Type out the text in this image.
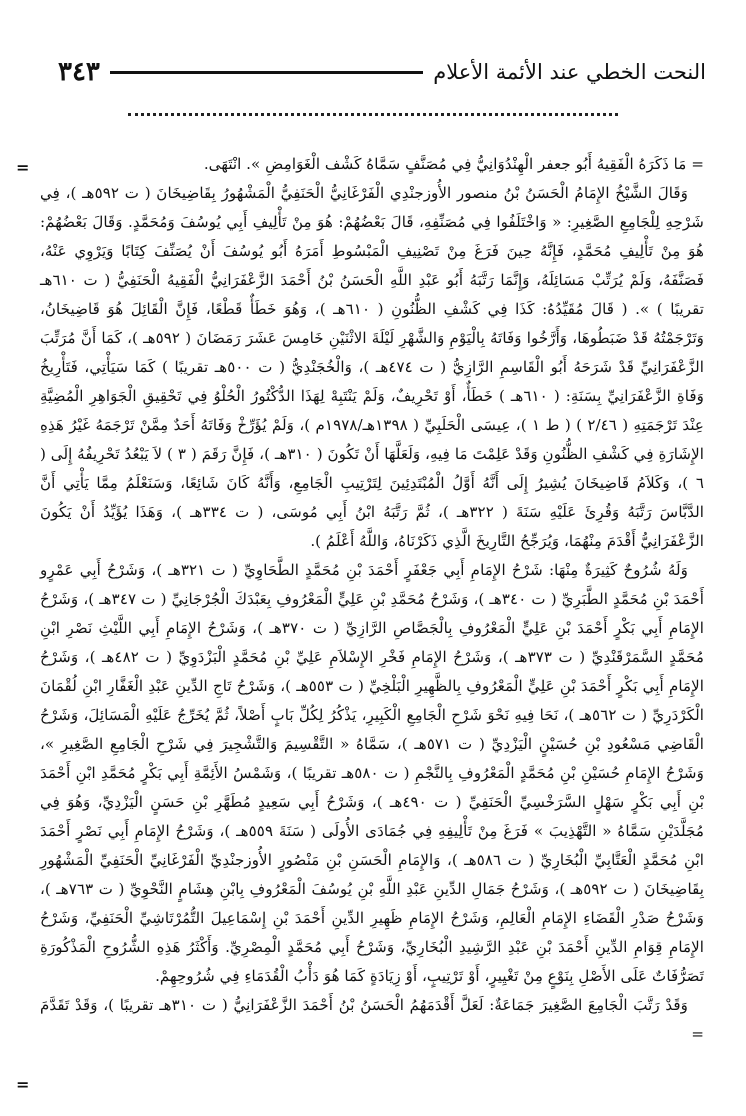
٣٤٣	النحت الخطي عند الأئمة الأعلام
=	= مَا ذَكَرَهُ الْفَقِيهُ أَبُو جعفر الْهِنْدُوَانِيُّ فِي مُصَنَّفٍ سَمَّاهُ كَشْف الْغَوَامِضِ ». انْتَهَى.

وَقَالَ الشَّيْخُ الإِمَامُ الْحَسَنُ بْنُ منصور الأُوزجنْدِي الْفَرْغَانِيُّ الْحَنَفِيُّ الْمَشْهُورُ بِقَاضِيخَانَ ( ت ٥٩٢هـ )، فِي شَرْحِهِ لِلْجَامِعِ الصَّغِيرِ: « وَاخْتَلَفُوا فِي مُصَنِّفِهِ، قَالَ بَعْضُهُمْ: هُوَ مِنْ تَأْلِيفِ أَبِي يُوسُفَ وَمُحَمَّدٍ. وَقَالَ بَعْضُهُمْ: هُوَ مِنْ تَأْلِيفِ مُحَمَّدٍ، فَإِنَّهُ حِينَ فَرَغَ مِنْ تَصْنِيفِ الْمَبْسُوطِ أَمَرَهُ أَبُو يُوسُفَ أَنْ يُصَنِّفَ كِتَابًا وَيَرْوِي عَنْهُ، فَصَنَّفَهُ، وَلَمْ يُرَتِّبْ مَسَائِلَهُ، وَإِنَّمَا رَتَّبَهُ أَبُو عَبْدِ اللَّهِ الْحَسَنُ بْنُ أَحْمَدَ الزَّعْفَرَانِيُّ الْفَقِيهُ الْحَنَفِيُّ ( ت ٦١٠هـ تقريبًا ) ». ( قَالَ مُقَيِّدُهُ: كَذَا فِي كَشْفِ الظُّنُونِ ( ٦١٠هـ )، وَهُوَ خَطَأٌ قَطْعًا، فَإِنَّ الْقَائِلَ هُوَ قَاضِيخَانُ، وَتَرْجَمْتُهُ قَدْ ضَبَطُوهَا، وَأَرَّخُوا وَفَاتَهُ بِالْيَوْمِ وَالشَّهْرِ لَيْلَةَ الاثْنَيْنِ خَامِسَ عَشَرَ رَمَضَانَ ( ٥٩٢هـ )، كَمَا أَنَّ مُرَتِّبَ الزَّعْفَرَانِيِّ قَدْ شَرَحَهُ أَبُو الْقَاسِمِ الرَّازِيُّ ( ت ٤٧٤هـ )، وَالْخُجَنْدِيُّ ( ت ٥٠٠هـ تقريبًا ) كَمَا سَيَأْتِي، فَتَأْرِيخُ وَفَاةِ الزَّعْفَرَانِيِّ بِسَنَةِ: ( ٦١٠هـ ) خَطَأٌ، أَوْ تَحْرِيفٌ، وَلَمْ يَنْتَبِهْ لِهَذَا الدُّكْتُورُ الْحُلْوُ فِي تَحْقِيقِ الْجَوَاهِرِ الْمُضِيَّةِ عِنْدَ تَرْجَمَتِهِ ( ٢/٤٦ ) ( ط ١ )، عِيسَى الْحَلَبِيِّ ( ١٣٩٨هـ/١٩٧٨م )، وَلَمْ يُؤَرِّخْ وَفَاتَهُ أَحَدٌ مِمَّنْ تَرْجَمَهُ غَيْرُ هَذِهِ الإِشَارَةِ فِي كَشْفِ الظُّنُونِ وَقَدْ عَلِمْتَ مَا فِيهِ، وَلَعَلَّهَا أَنْ تَكُونَ ( ٣١٠هـ )، فَإِنَّ رَقَمَ ( ٣ ) لاَ يَبْعُدُ تَحْرِيفُهُ إِلَى ( ٦ )، وَكَلاَمُ قَاضِيخَانَ يُشِيرُ إِلَى أَنَّهُ أَوَّلُ الْمُبْتَدِئِينَ لِتَرْتِيبِ الْجَامِعِ، وَأَنَّهُ كَانَ شَائِعًا، وَسَنَعْلَمُ مِمَّا يَأْتِي أَنَّ الدَّبَّاسَ رَتَّبَهُ وَقُرِئَ عَلَيْهِ سَنَةَ ( ٣٢٢هـ )، ثُمَّ رَتَّبَهُ ابْنُ أَبِي مُوسَى، ( ت ٣٣٤هـ )، وَهَذَا يُؤَيِّدُ أَنْ يَكُونَ الزَّعْفَرَانِيُّ أَقْدَمَ مِنْهُمَا، وَيُرَجِّحُ التَّارِيخَ الَّذِي ذَكَرْنَاهُ، وَاللَّهُ أَعْلَمُ ).

وَلَهُ شُرُوحٌ كَثِيرَةٌ مِنْهَا: شَرْحُ الإِمَامِ أَبِي جَعْفَرٍ أَحْمَدَ بْنِ مُحَمَّدٍ الطَّحَاوِيِّ ( ت ٣٢١هـ )، وَشَرْحُ أَبِي عَمْرٍو أَحْمَدَ بْنِ مُحَمَّدٍ الطَّبَرِيِّ ( ت ٣٤٠هـ )، وَشَرْحُ مُحَمَّدِ بْنِ عَلِيٍّ الْمَعْرُوفِ بِعَبْدَكَ الْجُرْجَانِيِّ ( ت ٣٤٧هـ )، وَشَرْحُ الإِمَامِ أَبِي بَكْرٍ أَحْمَدَ بْنِ عَلِيٍّ الْمَعْرُوفِ بِالْجَصَّاصِ الرَّازِيِّ ( ت ٣٧٠هـ )، وَشَرْحُ الإِمَامِ أَبِي اللَّيْثِ نَصْرِ ابْنِ مُحَمَّدٍ السَّمَرْقَنْدِيِّ ( ت ٣٧٣هـ )، وَشَرْحُ الإِمَامِ فَخْرِ الإِسْلاَمِ عَلِيِّ بْنِ مُحَمَّدٍ الْبَزْدَوِيِّ ( ت ٤٨٢هـ )، وَشَرْحُ الإِمَامِ أَبِي بَكْرٍ أَحْمَدَ بْنِ عَلِيٍّ الْمَعْرُوفِ بِالظَّهِيرِ الْبَلْخِيِّ ( ت ٥٥٣هـ )، وَشَرْحُ تَاجِ الدِّينِ عَبْدِ الْغَفَّارِ ابْنِ لُقْمَانَ الْكَرْدَرِيِّ ( ت ٥٦٢هـ )، نَحَا فِيهِ نَحْوَ شَرْحِ الْجَامِعِ الْكَبِيرِ، يَذْكُرُ لِكُلِّ بَابٍ أَصْلاً، ثُمَّ يُخَرِّجُ عَلَيْهِ الْمَسَائِلَ، وَشَرْحُ الْقَاضِي مَسْعُودِ بْنِ حُسَيْنٍ الْيَزْدِيِّ ( ت ٥٧١هـ )، سَمَّاهُ « التَّقْسِيمَ وَالتَّشْجِيرَ فِي شَرْحِ الْجَامِعِ الصَّغِيرِ »، وَشَرْحُ الإِمَامِ حُسَيْنِ بْنِ مُحَمَّدٍ الْمَعْرُوفِ بِالنَّجْمِ ( ت ٥٨٠هـ تقريبًا )، وَشَمْسُ الأَئِمَّةِ أَبِي بَكْرٍ مُحَمَّدِ ابْنِ أَحْمَدَ بْنِ أَبِي بَكْرٍ سَهْلٍ السَّرَخْسِيِّ الْحَنَفِيِّ ( ت ٤٩٠هـ )، وَشَرْحُ أَبِي سَعِيدٍ مُطَهَّرِ بْنِ حَسَنٍ الْيَزْدِيِّ، وَهُوَ فِي مُجَلَّدَيْنِ سَمَّاهُ « التَّهْذِيبَ » فَرَغَ مِنْ تَأْلِيفِهِ فِي جُمَادَى الأُولَى ( سَنَةَ ٥٥٩هـ )، وَشَرْحُ الإِمَامِ أَبِي نَصْرٍ أَحْمَدَ ابْنِ مُحَمَّدٍ الْعَتَّابِيِّ الْبُخَارِيِّ ( ت ٥٨٦هـ )، وَالإِمَامِ الْحَسَنِ بْنِ مَنْصُورٍ الأُوزجنْدِيِّ الْفَرْغَانِيِّ الْحَنَفِيِّ الْمَشْهُورِ بِقَاضِيخَانَ ( ت ٥٩٢هـ )، وَشَرْحُ جَمَالِ الدِّينِ عَبْدِ اللَّهِ بْنِ يُوسُفَ الْمَعْرُوفِ بِابْنِ هِشَامٍ النَّحْوِيِّ ( ت ٧٦٣هـ )، وَشَرْحُ صَدْرِ الْقَضَاءِ الإِمَامِ الْعَالِمِ، وَشَرْحُ الإِمَامِ ظَهِيرِ الدِّينِ أَحْمَدَ بْنِ إِسْمَاعِيلَ التُّمُرْتَاشِيِّ الْحَنَفِيِّ، وَشَرْحُ الإِمَامِ قِوَامِ الدِّينِ أَحْمَدَ بْنِ عَبْدِ الرَّشِيدِ الْبُخَارِيِّ، وَشَرْحُ أَبِي مُحَمَّدٍ الْمِصْرِيِّ. وَأَكْثَرُ هَذِهِ الشُّرُوحِ الْمَذْكُورَةِ تَصَرُّفَاتٌ عَلَى الأَصْلِ بِنَوْعٍ مِنْ تَغْيِيرٍ، أَوْ تَرْتِيبٍ، أَوْ زِيَادَةٍ كَمَا هُوَ دَأْبُ الْقُدَمَاءِ فِي شُرُوحِهِمْ.

وَقَدْ رَتَّبَ الْجَامِعَ الصَّغِيرَ جَمَاعَةٌ: لَعَلَّ أَقْدَمَهُمُ الْحَسَنُ بْنُ أَحْمَدَ الزَّعْفَرَانِيُّ ( ت ٣١٠هـ تقريبًا )، وَقَدْ تَقَدَّمَ =

=
